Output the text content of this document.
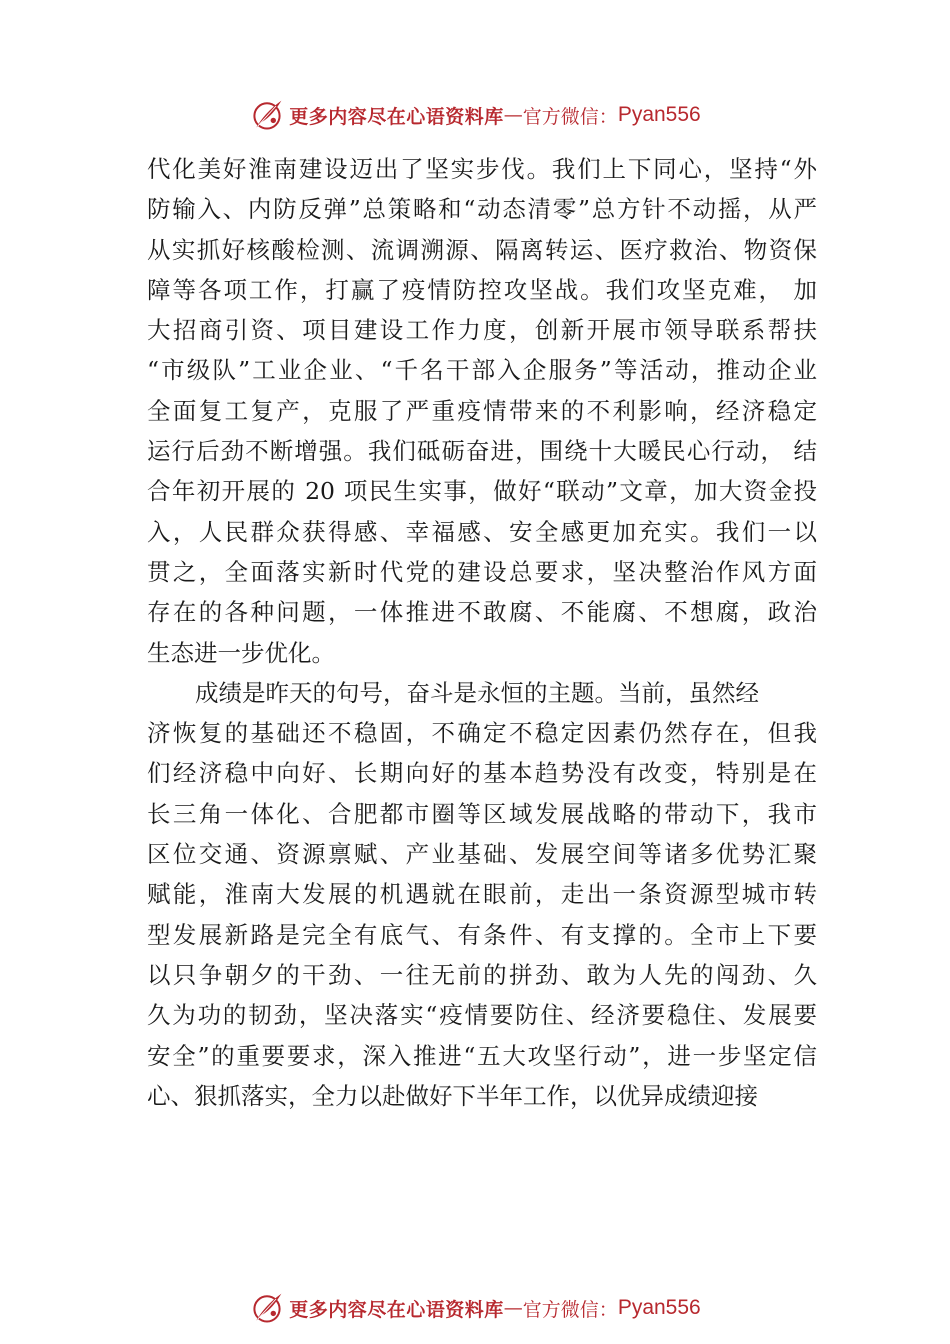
更多内容尽在心语资料库 — 官方微信： Pyan556
代化美好淮南建设迈出了坚实步伐。我们上下同心，坚持“外
防输入、内防反弹”总策略和“动态清零”总方针不动摇，从严
从实抓好核酸检测、流调溯源、隔离转运、医疗救治、物资保
障等各项工作，打赢了疫情防控攻坚战。我们攻坚克难， 加
大招商引资、项目建设工作力度，创新开展市领导联系帮扶
“市级队”工业企业、“千名干部入企服务”等活动，推动企业
全面复工复产，克服了严重疫情带来的不利影响，经济稳定
运行后劲不断增强。我们砥砺奋进，围绕十大暖民心行动， 结
合年初开展的 20 项民生实事，做好“联动”文章，加大资金投
入，人民群众获得感、幸福感、安全感更加充实。我们一以
贯之，全面落实新时代党的建设总要求，坚决整治作风方面
存在的各种问题，一体推进不敢腐、不能腐、不想腐，政治
生态进一步优化。
成绩是昨天的句号，奋斗是永恒的主题。当前，虽然经
济恢复的基础还不稳固，不确定不稳定因素仍然存在，但我
们经济稳中向好、长期向好的基本趋势没有改变，特别是在
长三角一体化、合肥都市圈等区域发展战略的带动下，我市
区位交通、资源禀赋、产业基础、发展空间等诸多优势汇聚
赋能，淮南大发展的机遇就在眼前，走出一条资源型城市转
型发展新路是完全有底气、有条件、有支撑的。全市上下要
以只争朝夕的干劲、一往无前的拼劲、敢为人先的闯劲、久
久为功的韧劲，坚决落实“疫情要防住、经济要稳住、发展要
安全”的重要要求，深入推进“五大攻坚行动”，进一步坚定信
心、狠抓落实，全力以赴做好下半年工作，以优异成绩迎接
更多内容尽在心语资料库 — 官方微信： Pyan556
